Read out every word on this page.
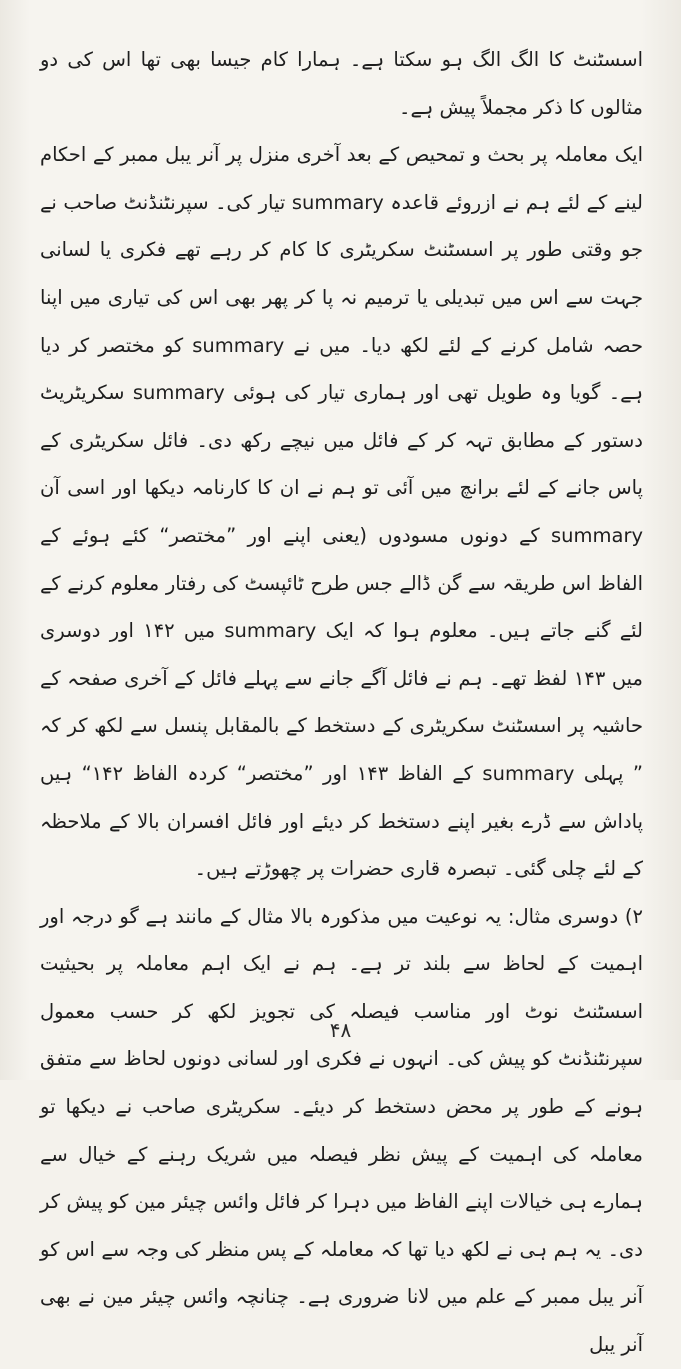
اسسٹنٹ کا الگ الگ ہو سکتا ہے۔ ہمارا کام جیسا بھی تھا اس کی دو مثالوں کا ذکر مجملاً پیش ہے۔

ایک معاملہ پر بحث و تمحیص کے بعد آخری منزل پر آنر یبل ممبر کے احکام لینے کے لئے ہم نے ازروئے قاعدہ summary تیار کی۔ سپرنٹنڈنٹ صاحب نے جو وقتی طور پر اسسٹنٹ سکریٹری کا کام کر رہے تھے فکری یا لسانی جہت سے اس میں تبدیلی یا ترمیم نہ پا کر پھر بھی اس کی تیاری میں اپنا حصہ شامل کرنے کے لئے لکھ دیا۔ میں نے summary کو مختصر کر دیا ہے۔ گویا وہ طویل تھی اور ہماری تیار کی ہوئی summary سکریٹریٹ دستور کے مطابق تہہ کر کے فائل میں نیچے رکھ دی۔ فائل سکریٹری کے پاس جانے کے لئے برانچ میں آئی تو ہم نے ان کا کارنامہ دیکھا اور اسی آن summary کے دونوں مسودوں (یعنی اپنے اور ”مختصر“ کئے ہوئے کے الفاظ اس طریقہ سے گن ڈالے جس طرح ٹائپسٹ کی رفتار معلوم کرنے کے لئے گنے جاتے ہیں۔ معلوم ہوا کہ ایک summary میں ۱۴۲ اور دوسری میں ۱۴۳ لفظ تھے۔ ہم نے فائل آگے جانے سے پہلے فائل کے آخری صفحہ کے حاشیہ پر اسسٹنٹ سکریٹری کے دستخط کے بالمقابل پنسل سے لکھ کر کہ ” پہلی summary کے الفاظ ۱۴۳ اور ”مختصر“ کردہ الفاظ ۱۴۲“ ہیں پاداش سے ڈرے بغیر اپنے دستخط کر دیئے اور فائل افسران بالا کے ملاحظہ کے لئے چلی گئی۔ تبصرہ قاری حضرات پر چھوڑتے ہیں۔

۲) دوسری مثال: یہ نوعیت میں مذکورہ بالا مثال کے مانند ہے گو درجہ اور اہمیت کے لحاظ سے بلند تر ہے۔ ہم نے ایک اہم معاملہ پر بحیثیت اسسٹنٹ نوٹ اور مناسب فیصلہ کی تجویز لکھ کر حسب معمول سپرنٹنڈنٹ کو پیش کی۔ انہوں نے فکری اور لسانی دونوں لحاظ سے متفق ہونے کے طور پر محض دستخط کر دیئے۔ سکریٹری صاحب نے دیکھا تو معاملہ کی اہمیت کے پیش نظر فیصلہ میں شریک رہنے کے خیال سے ہمارے ہی خیالات اپنے الفاظ میں دہرا کر فائل وائس چیئر مین کو پیش کر دی۔ یہ ہم ہی نے لکھ دیا تھا کہ معاملہ کے پس منظر کی وجہ سے اس کو آنر یبل ممبر کے علم میں لانا ضروری ہے۔ چنانچہ وائس چیئر مین نے بھی آنر یبل

۴۸
